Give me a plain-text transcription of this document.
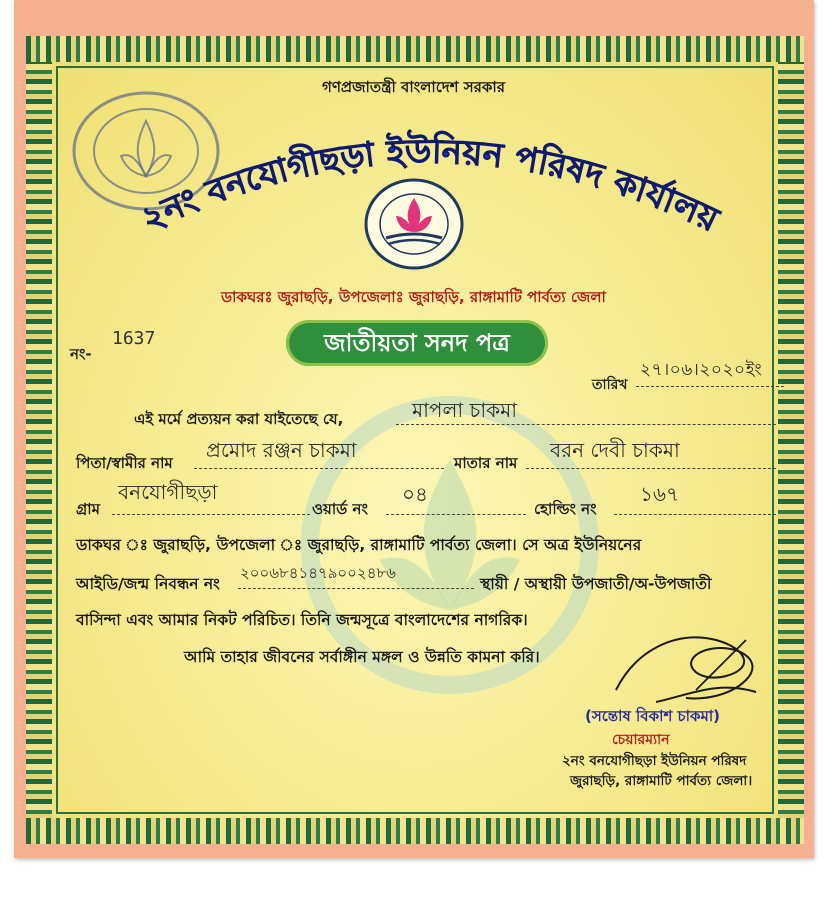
গণপ্রজাতন্ত্রী বাংলাদেশ সরকার
২নং বনযোগীছড়া ইউনিয়ন পরিষদ কার্যালয়
ডাকঘরঃ জুরাছড়ি, উপজেলাঃ জুরাছড়ি, রাঙ্গামাটি পার্বত্য জেলা
জাতীয়তা সনদ পত্র
নং-
1637
তারিখ
২৭।০৬।২০২০ইং
এই মর্মে প্রত্যয়ন করা যাইতেছে যে,	মাপলা চাকমা
পিতা/স্বামীর নাম
প্রমোদ রঞ্জন চাকমা
মাতার নাম
বরন দেবী চাকমা
গ্রাম
বনযোগীছড়া
ওয়ার্ড নং
০৪
হোল্ডিং নং
১৬৭
ডাকঘর ঃ জুরাছড়ি, উপজেলা ঃ জুরাছড়ি, রাঙ্গামাটি পার্বত্য জেলা। সে অত্র ইউনিয়নের
আইডি/জন্ম নিবন্ধন নং
২০০৬৮৪১৪৭৯০০২৪৮৬
স্থায়ী / অস্থায়ী উপজাতী/অ-উপজাতী
বাসিন্দা এবং আমার নিকট পরিচিত। তিনি জন্মসূত্রে বাংলাদেশের নাগরিক।
আমি তাহার জীবনের সর্বাঙ্গীন মঙ্গল ও উন্নতি কামনা করি।
(সন্তোষ বিকাশ চাকমা)
চেয়ারম্যান
২নং বনযোগীছড়া ইউনিয়ন পরিষদ
জুরাছড়ি, রাঙ্গামাটি পার্বত্য জেলা।
